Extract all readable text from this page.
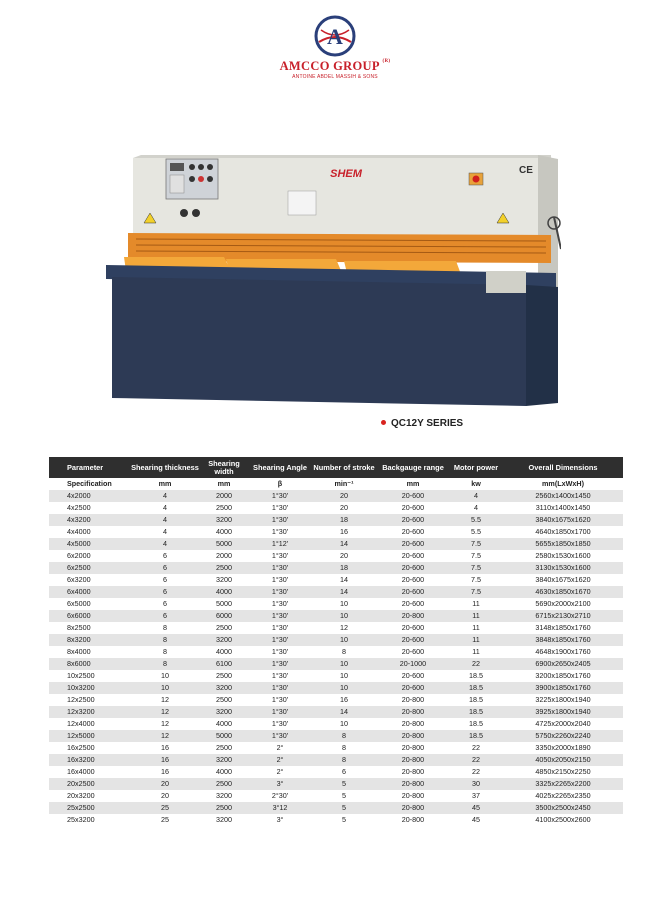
A
AMCCO GROUP $^{(R)}$
ANTOINE ABDEL MASSIH & SONS
SHEM	CE
QC12Y SERIES
Parameter	Shearing thickness	Shearing width	Shearing Angle	Number of stroke	Backgauge range	Motor power	Overall Dimensions
Specification	mm	mm	β	min⁻¹	mm	kw	mm(LxWxH)
4x2000	4	2000	1°30'	20	20-600	4	2560x1400x1450
4x2500	4	2500	1°30'	20	20-600	4	3110x1400x1450
4x3200	4	3200	1°30'	18	20-600	5.5	3840x1675x1620
4x4000	4	4000	1°30'	16	20-600	5.5	4640x1850x1700
4x5000	4	5000	1°12'	14	20-600	7.5	5655x1850x1850
6x2000	6	2000	1°30'	20	20-600	7.5	2580x1530x1600
6x2500	6	2500	1°30'	18	20-600	7.5	3130x1530x1600
6x3200	6	3200	1°30'	14	20-600	7.5	3840x1675x1620
6x4000	6	4000	1°30'	14	20-600	7.5	4630x1850x1670
6x5000	6	5000	1°30'	10	20-600	11	5690x2000x2100
6x6000	6	6000	1°30'	10	20-800	11	6715x2130x2710
8x2500	8	2500	1°30'	12	20-600	11	3148x1850x1760
8x3200	8	3200	1°30'	10	20-600	11	3848x1850x1760
8x4000	8	4000	1°30'	8	20-600	11	4648x1900x1760
8x6000	8	6100	1°30'	10	20-1000	22	6900x2650x2405
10x2500	10	2500	1°30'	10	20-600	18.5	3200x1850x1760
10x3200	10	3200	1°30'	10	20-600	18.5	3900x1850x1760
12x2500	12	2500	1°30'	16	20-800	18.5	3225x1800x1940
12x3200	12	3200	1°30'	14	20-800	18.5	3925x1800x1940
12x4000	12	4000	1°30'	10	20-800	18.5	4725x2000x2040
12x5000	12	5000	1°30'	8	20-800	18.5	5750x2260x2240
16x2500	16	2500	2°	8	20-800	22	3350x2000x1890
16x3200	16	3200	2°	8	20-800	22	4050x2050x2150
16x4000	16	4000	2°	6	20-800	22	4850x2150x2250
20x2500	20	2500	3°	5	20-800	30	3325x2265x2200
20x3200	20	3200	2°30'	5	20-800	37	4025x2265x2350
25x2500	25	2500	3°12	5	20-800	45	3500x2500x2450
25x3200	25	3200	3°	5	20-800	45	4100x2500x2600
